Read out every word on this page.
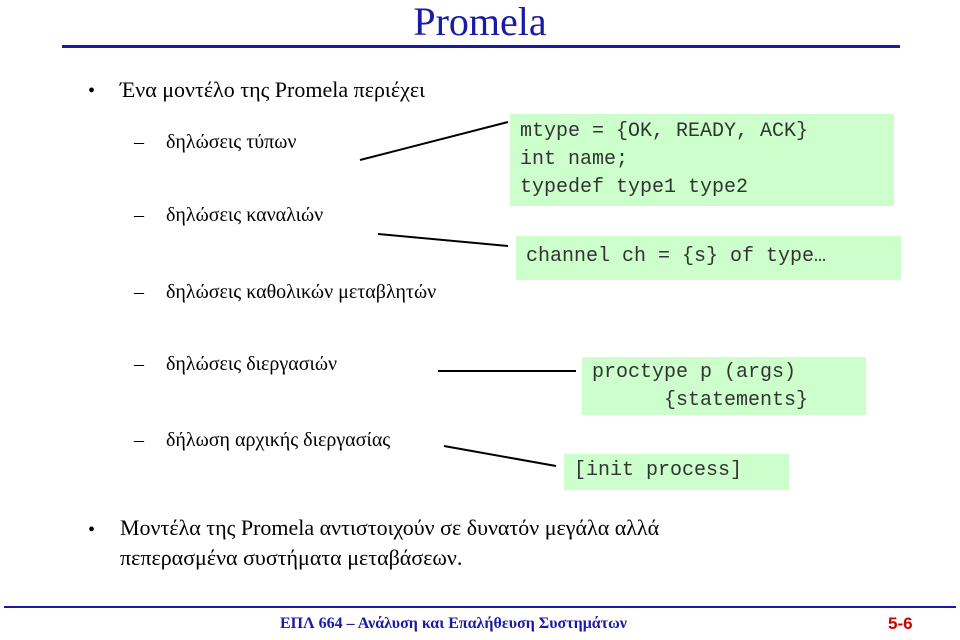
Promela
• Ένα μοντέλο της Promela περιέχει
– δηλώσεις τύπων
– δηλώσεις καναλιών
– δηλώσεις καθολικών μεταβλητών
– δηλώσεις διεργασιών
– δήλωση αρχικής διεργασίας
mtype = {OK, READY, ACK}
int name;
typedef type1 type2
channel ch = {s} of type…
proctype p (args)
{statements}
[init process]
• Μοντέλα της Promela αντιστοιχούν σε δυνατόν μεγάλα αλλά
πεπερασμένα συστήματα μεταβάσεων.
ΕΠΛ 664 – Ανάλυση και Επαλήθευση Συστημάτων	5-6
